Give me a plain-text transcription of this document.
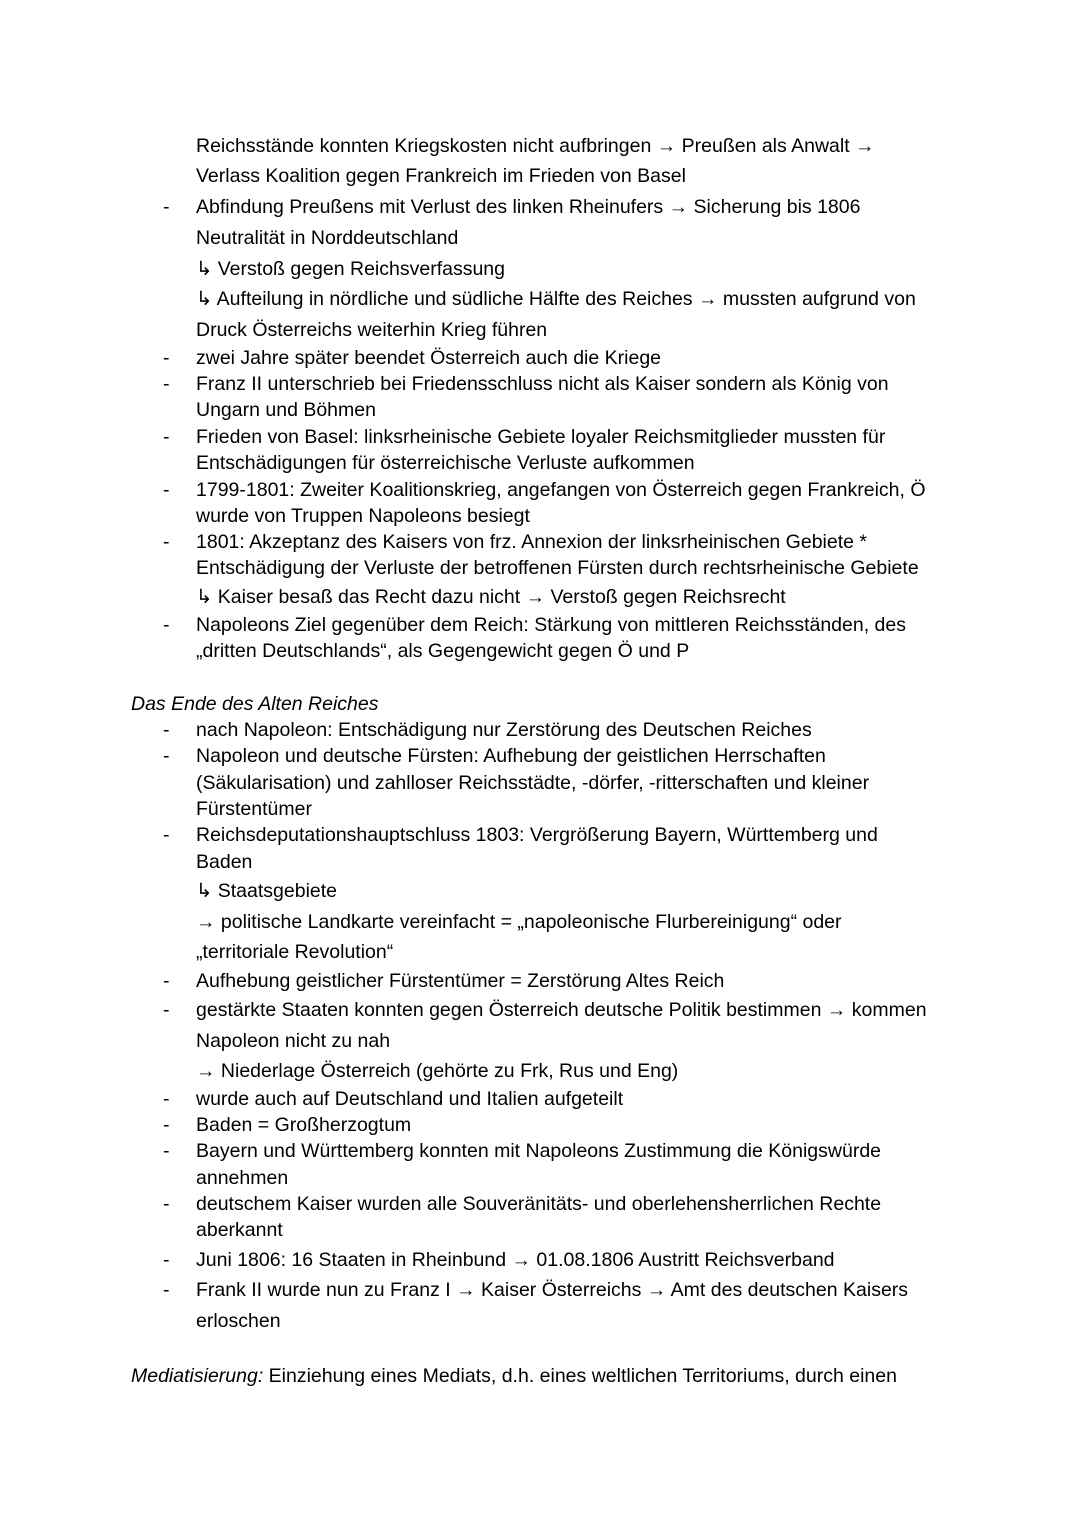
Mediatisierung: Einziehung eines Mediats, d.h. eines weltlichen Territoriums, durch einen
Reichsstände konnten Kriegskosten nicht aufbringen → Preußen als Anwalt →
Verlass Koalition gegen Frankreich im Frieden von Basel
- Abfindung Preußens mit Verlust des linken Rheinufers → Sicherung bis 1806
Neutralität in Norddeutschland
↳ Verstoß gegen Reichsverfassung
↳ Aufteilung in nördliche und südliche Hälfte des Reiches → mussten aufgrund von
Druck Österreichs weiterhin Krieg führen
- zwei Jahre später beendet Österreich auch die Kriege
- Franz II unterschrieb bei Friedensschluss nicht als Kaiser sondern als König von
Ungarn und Böhmen
- Frieden von Basel: linksrheinische Gebiete loyaler Reichsmitglieder mussten für
Entschädigungen für österreichische Verluste aufkommen
- 1799-1801: Zweiter Koalitionskrieg, angefangen von Österreich gegen Frankreich, Ö
wurde von Truppen Napoleons besiegt
- 1801: Akzeptanz des Kaisers von frz. Annexion der linksrheinischen Gebiete *
Entschädigung der Verluste der betroffenen Fürsten durch rechtsrheinische Gebiete
↳ Kaiser besaß das Recht dazu nicht → Verstoß gegen Reichsrecht
- Napoleons Ziel gegenüber dem Reich: Stärkung von mittleren Reichsständen, des
„dritten Deutschlands“, als Gegengewicht gegen Ö und P
Das Ende des Alten Reiches
- nach Napoleon: Entschädigung nur Zerstörung des Deutschen Reiches
- Napoleon und deutsche Fürsten: Aufhebung der geistlichen Herrschaften
(Säkularisation) und zahlloser Reichsstädte, -dörfer, -ritterschaften und kleiner
Fürstentümer
- Reichsdeputationshauptschluss 1803: Vergrößerung Bayern, Württemberg und
Baden
↳ Staatsgebiete
→ politische Landkarte vereinfacht = „napoleonische Flurbereinigung“ oder
„territoriale Revolution“
- Aufhebung geistlicher Fürstentümer = Zerstörung Altes Reich
- gestärkte Staaten konnten gegen Österreich deutsche Politik bestimmen → kommen
Napoleon nicht zu nah
→ Niederlage Österreich (gehörte zu Frk, Rus und Eng)
- wurde auch auf Deutschland und Italien aufgeteilt
- Baden = Großherzogtum
- Bayern und Württemberg konnten mit Napoleons Zustimmung die Königswürde
annehmen
- deutschem Kaiser wurden alle Souveränitäts- und oberlehensherrlichen Rechte
aberkannt
- Juni 1806: 16 Staaten in Rheinbund → 01.08.1806 Austritt Reichsverband
- Frank II wurde nun zu Franz I → Kaiser Österreichs → Amt des deutschen Kaisers
erloschen
